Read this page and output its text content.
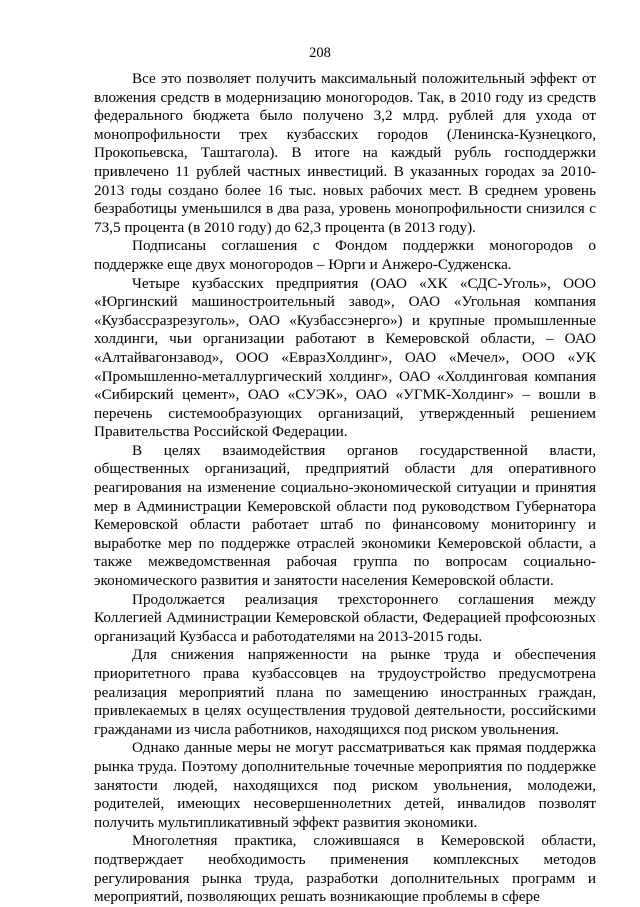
208

Все это позволяет получить максимальный положительный эффект от вложения средств в модернизацию моногородов. Так, в 2010 году из средств федерального бюджета было получено 3,2 млрд. рублей для ухода от монопрофильности трех кузбасских городов (Ленинска-Кузнецкого, Прокопьевска, Таштагола). В итоге на каждый рубль господдержки привлечено 11 рублей частных инвестиций. В указанных городах за 2010-2013 годы создано более 16 тыс. новых рабочих мест. В среднем уровень безработицы уменьшился в два раза, уровень монопрофильности снизился с 73,5 процента (в 2010 году) до 62,3 процента (в 2013 году).

Подписаны соглашения с Фондом поддержки моногородов о поддержке еще двух моногородов – Юрги и Анжеро-Судженска.

Четыре кузбасских предприятия (ОАО «ХК «СДС-Уголь», ООО «Юргинский машиностроительный завод», ОАО «Угольная компания «Кузбассразрезуголь», ОАО «Кузбассэнерго») и крупные промышленные холдинги, чьи организации работают в Кемеровской области, – ОАО «Алтайвагонзавод», ООО «ЕвразХолдинг», ОАО «Мечел», ООО «УК «Промышленно-металлургический холдинг», ОАО «Холдинговая компания «Сибирский цемент», ОАО «СУЭК», ОАО «УГМК-Холдинг» – вошли в перечень системообразующих организаций, утвержденный решением Правительства Российской Федерации.

В целях взаимодействия органов государственной власти, общественных организаций, предприятий области для оперативного реагирования на изменение социально-экономической ситуации и принятия мер в Администрации Кемеровской области под руководством Губернатора Кемеровской области работает штаб по финансовому мониторингу и выработке мер по поддержке отраслей экономики Кемеровской области, а также межведомственная рабочая группа по вопросам социально-экономического развития и занятости населения Кемеровской области.

Продолжается реализация трехстороннего соглашения между Коллегией Администрации Кемеровской области, Федерацией профсоюзных организаций Кузбасса и работодателями на 2013-2015 годы.

Для снижения напряженности на рынке труда и обеспечения приоритетного права кузбассовцев на трудоустройство предусмотрена реализация мероприятий плана по замещению иностранных граждан, привлекаемых в целях осуществления трудовой деятельности, российскими гражданами из числа работников, находящихся под риском увольнения.

Однако данные меры не могут рассматриваться как прямая поддержка рынка труда. Поэтому дополнительные точечные мероприятия по поддержке занятости людей, находящихся под риском увольнения, молодежи, родителей, имеющих несовершеннолетних детей, инвалидов позволят получить мультипликативный эффект развития экономики.

Многолетняя практика, сложившаяся в Кемеровской области, подтверждает необходимость применения комплексных методов регулирования рынка труда, разработки дополнительных программ и мероприятий, позволяющих решать возникающие проблемы в сфере
